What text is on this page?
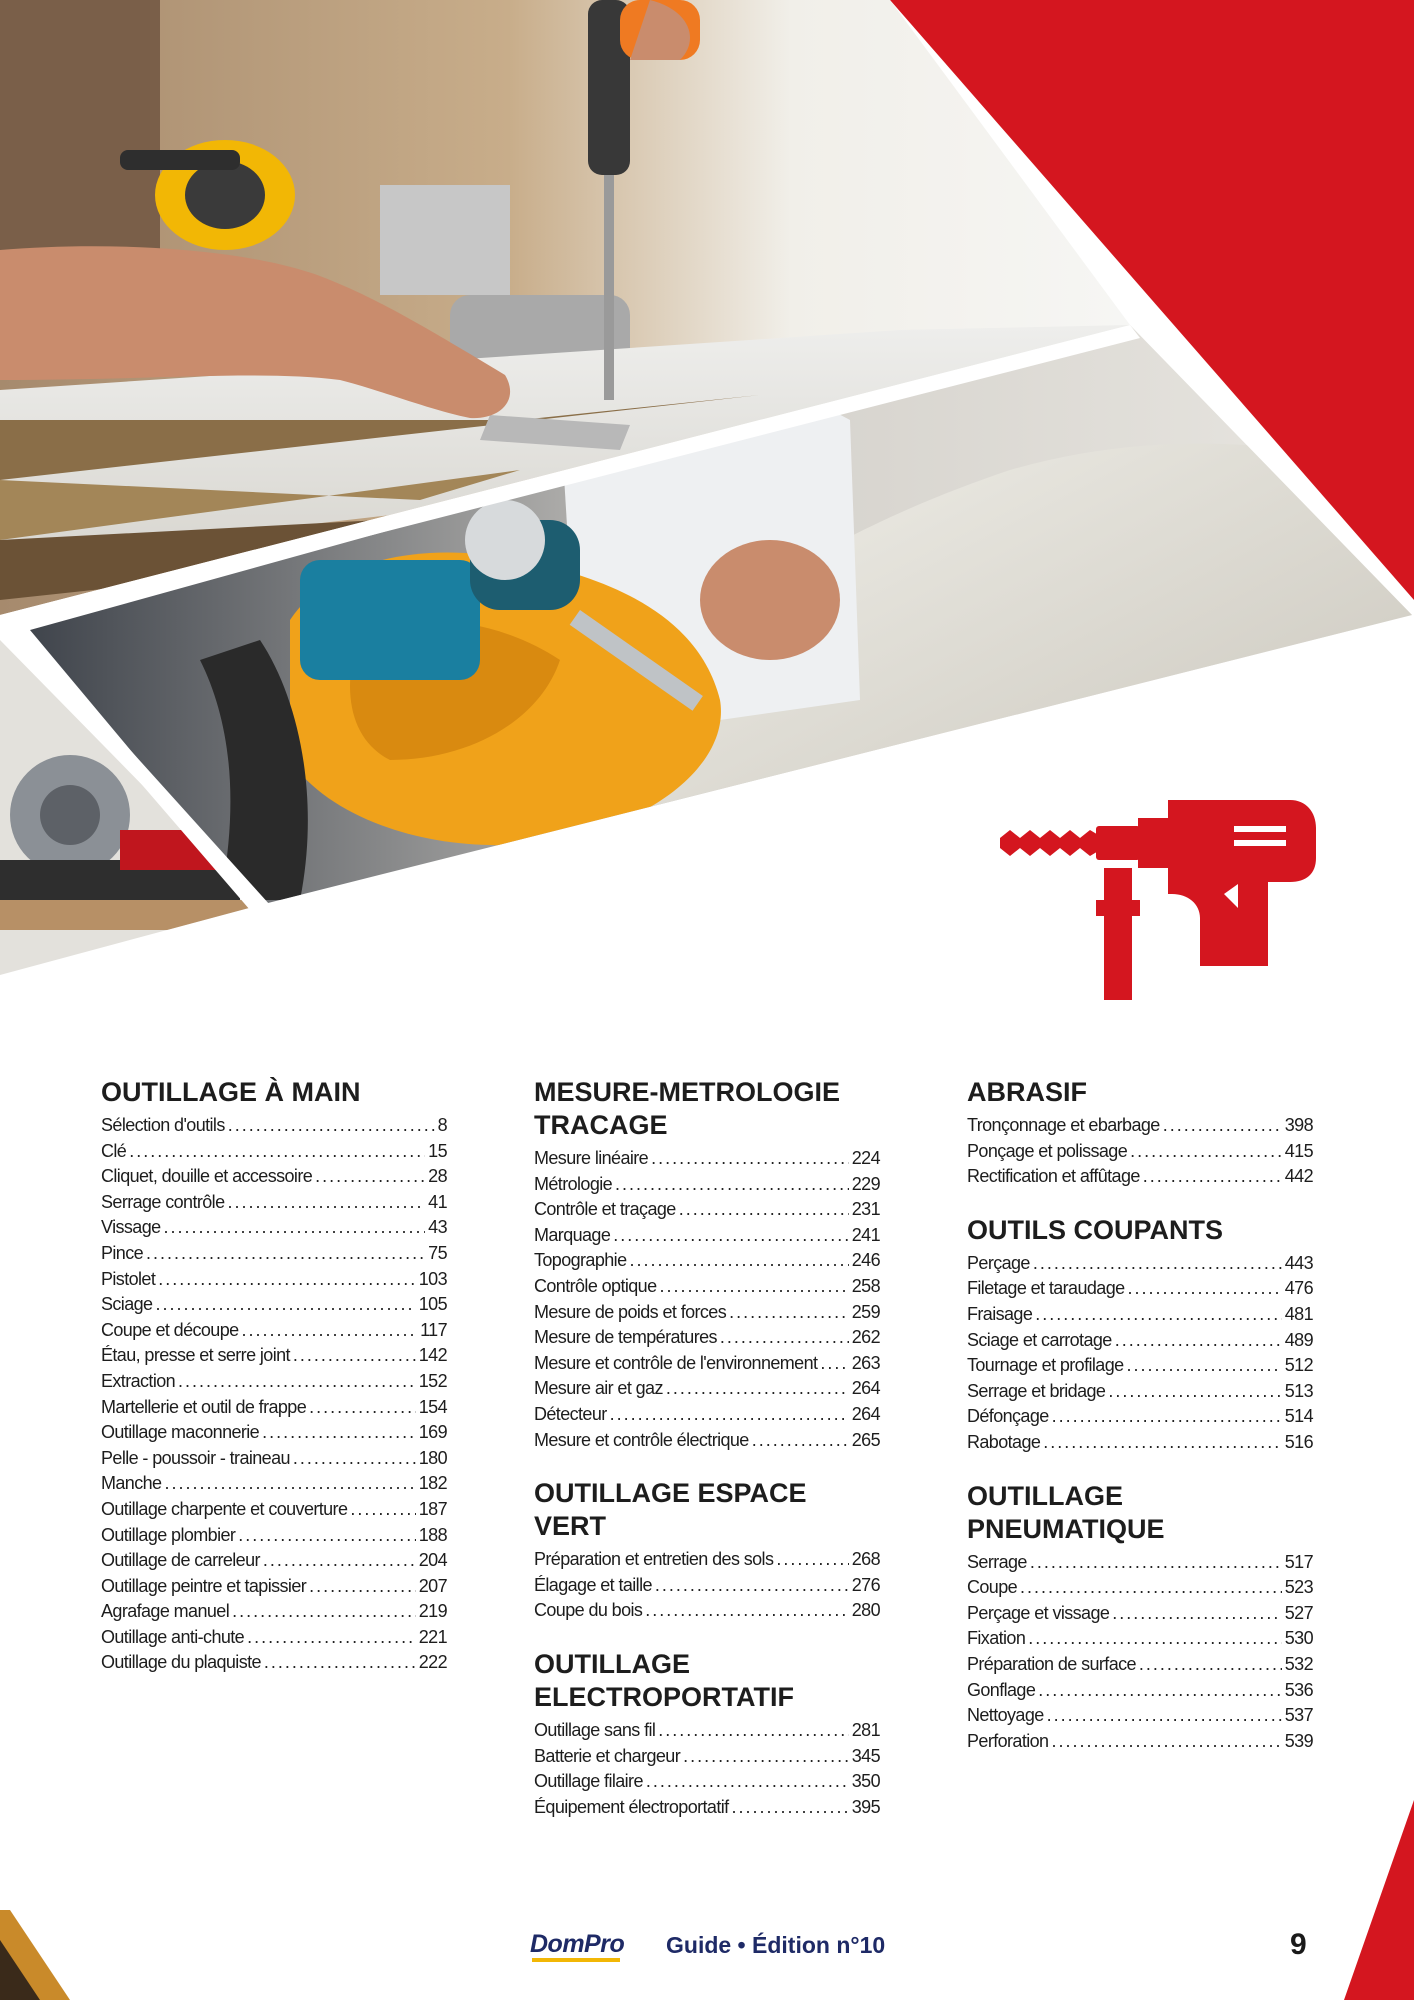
OUTILLAGE À MAIN
Sélection d'outils .....	8
Clé .....	15
Cliquet, douille et accessoire .....	28
Serrage contrôle .....	41
Vissage .....	43
Pince .....	75
Pistolet .....	103
Sciage .....	105
Coupe et découpe .....	117
Étau, presse et serre joint .....	142
Extraction .....	152
Martellerie et outil de frappe .....	154
Outillage maconnerie .....	169
Pelle - poussoir - traineau .....	180
Manche .....	182
Outillage charpente et couverture .....	187
Outillage plombier .....	188
Outillage de carreleur .....	204
Outillage peintre et tapissier .....	207
Agrafage manuel .....	219
Outillage anti-chute .....	221
Outillage du plaquiste .....	222
MESURE-METROLOGIE
TRACAGE
Mesure linéaire .....	224
Métrologie .....	229
Contrôle et traçage .....	231
Marquage .....	241
Topographie .....	246
Contrôle optique .....	258
Mesure de poids et forces .....	259
Mesure de températures .....	262
Mesure et contrôle de l'environnement ..... 263
Mesure air et gaz .....	264
Détecteur .....	264
Mesure et contrôle électrique .....	265
OUTILLAGE ESPACE VERT
Préparation et entretien des sols .....	268
Élagage et taille .....	276
Coupe du bois .....	280
OUTILLAGE
ELECTROPORTATIF
Outillage sans fil .....	281
Batterie et chargeur .....	345
Outillage filaire .....	350
Équipement électroportatif .....	395
ABRASIF
Tronçonnage et ebarbage .....	398
Ponçage et polissage .....	415
Rectification et affûtage .....	442
OUTILS COUPANTS
Perçage .....	443
Filetage et taraudage .....	476
Fraisage .....	481
Sciage et carrotage .....	489
Tournage et profilage .....	512
Serrage et bridage .....	513
Défonçage .....	514
Rabotage .....	516
OUTILLAGE
PNEUMATIQUE
Serrage .....	517
Coupe .....	523
Perçage et vissage .....	527
Fixation .....	530
Préparation de surface .....	532
Gonflage .....	536
Nettoyage .....	537
Perforation .....	539
DomPro Guide • Édition n°10	9
